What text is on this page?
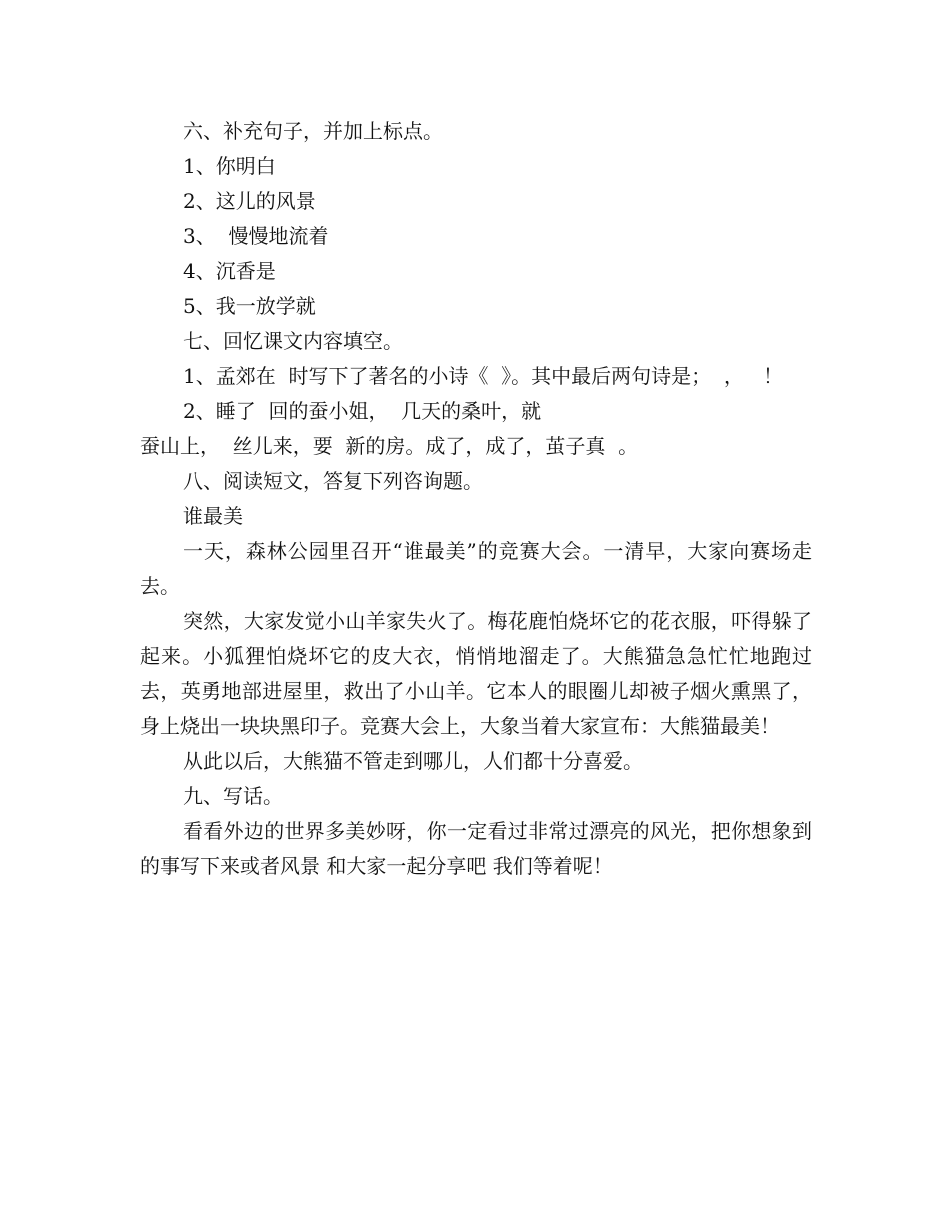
六、补充句子，并加上标点。

1、你明白

2、这儿的风景

3、  慢慢地流着

4、沉香是

5、我一放学就

七、回忆课文内容填空。

1、孟郊在  时写下了著名的小诗《  》。其中最后两句诗是；  ，   ！

2、睡了  回的蚕小姐，  几天的桑叶，就

蚕山上，  丝儿来，要  新的房。成了，成了，茧子真  。

八、阅读短文，答复下列咨询题。

谁最美

一天，森林公园里召开“谁最美”的竞赛大会。一清早，大家向赛场走去。

突然，大家发觉小山羊家失火了。梅花鹿怕烧坏它的花衣服，吓得躲了起来。小狐狸怕烧坏它的皮大衣，悄悄地溜走了。大熊猫急急忙忙地跑过去，英勇地部进屋里，救出了小山羊。它本人的眼圈儿却被子烟火熏黑了，身上烧出一块块黑印子。竞赛大会上，大象当着大家宣布：大熊猫最美！

从此以后，大熊猫不管走到哪儿，人们都十分喜爱。

九、写话。

看看外边的世界多美妙呀，你一定看过非常过漂亮的风光，把你想象到的事写下来或者风景 和大家一起分享吧 我们等着呢！
